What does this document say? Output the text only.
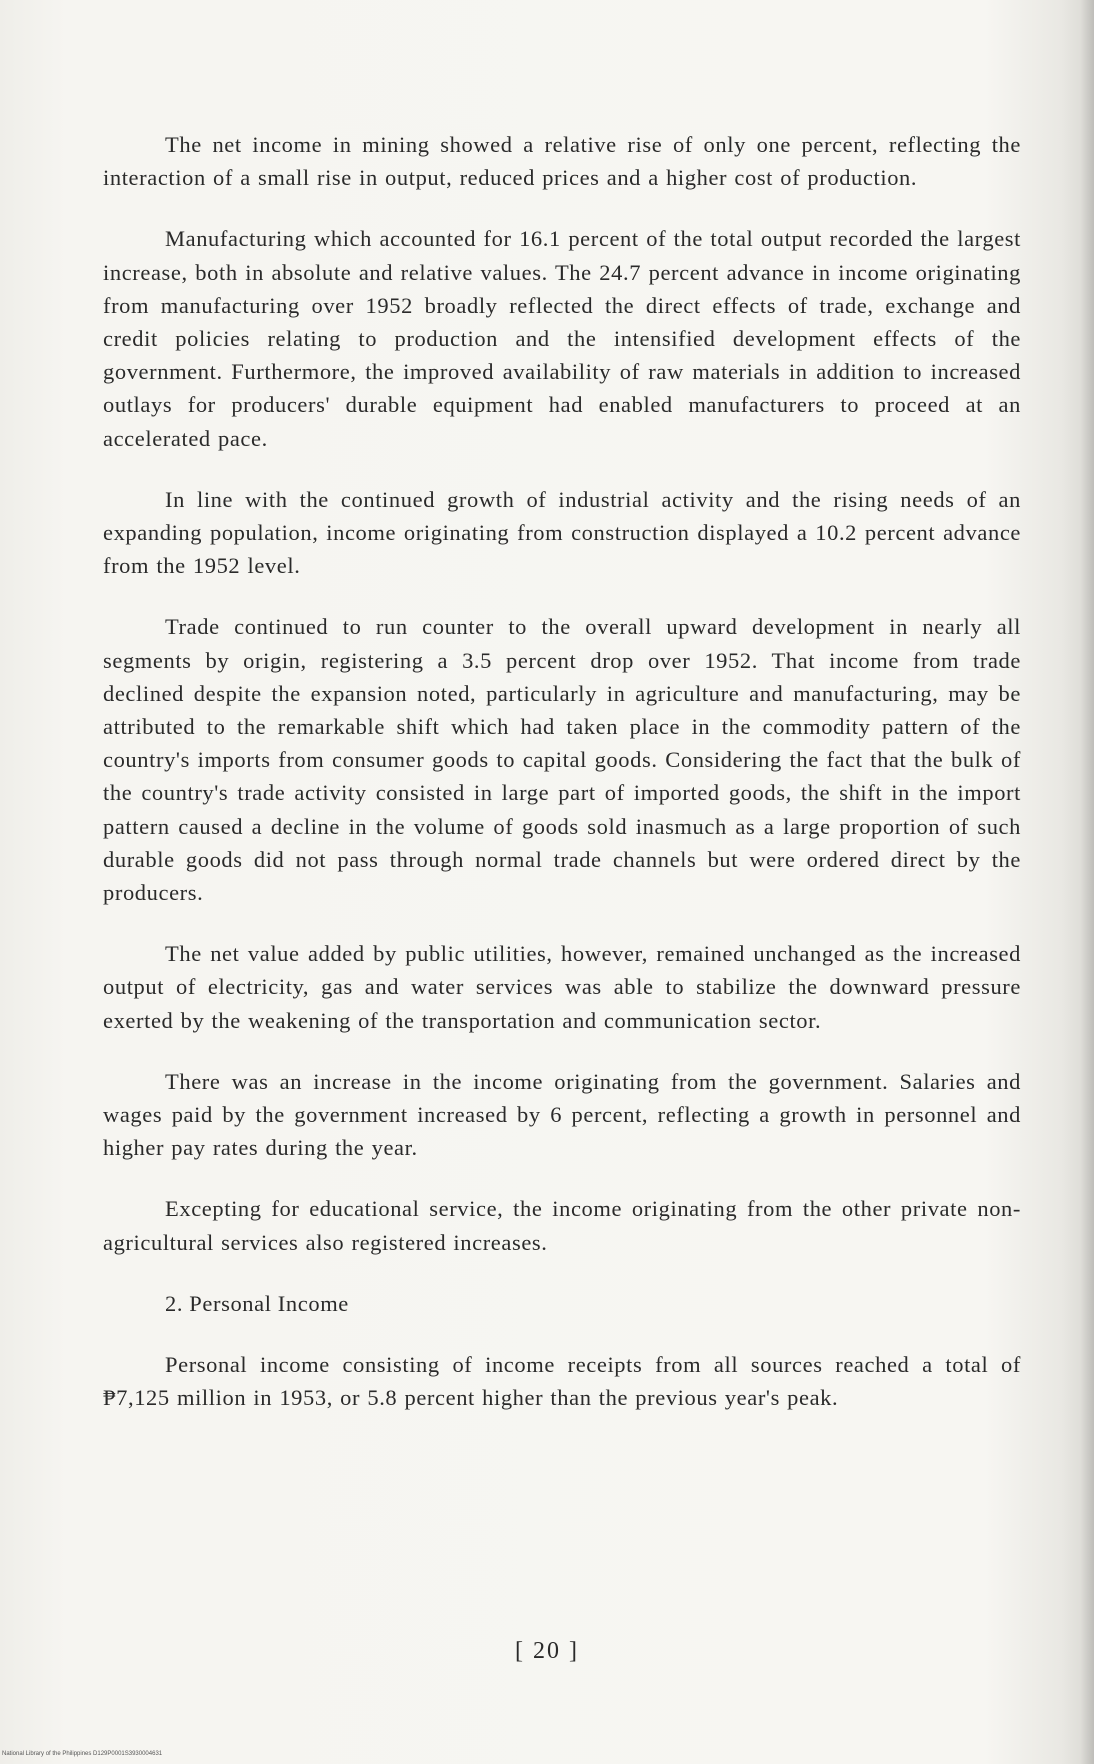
The net income in mining showed a relative rise of only one percent, reflecting the interaction of a small rise in output, reduced prices and a higher cost of production.

Manufacturing which accounted for 16.1 percent of the total output recorded the largest increase, both in absolute and relative values. The 24.7 percent advance in income originating from manufacturing over 1952 broadly reflected the direct effects of trade, exchange and credit policies relating to production and the intensified development effects of the government. Furthermore, the improved availability of raw materials in addition to increased outlays for producers' durable equipment had enabled manufacturers to proceed at an accelerated pace.

In line with the continued growth of industrial activity and the rising needs of an expanding population, income originating from construction displayed a 10.2 percent advance from the 1952 level.

Trade continued to run counter to the overall upward development in nearly all segments by origin, registering a 3.5 percent drop over 1952. That income from trade declined despite the expansion noted, particularly in agriculture and manufacturing, may be attributed to the remarkable shift which had taken place in the commodity pattern of the country's imports from consumer goods to capital goods. Considering the fact that the bulk of the country's trade activity consisted in large part of imported goods, the shift in the import pattern caused a decline in the volume of goods sold inasmuch as a large proportion of such durable goods did not pass through normal trade channels but were ordered direct by the producers.

The net value added by public utilities, however, remained unchanged as the increased output of electricity, gas and water services was able to stabilize the downward pressure exerted by the weakening of the transportation and communication sector.

There was an increase in the income originating from the government. Salaries and wages paid by the government increased by 6 percent, reflecting a growth in personnel and higher pay rates during the year.

Excepting for educational service, the income originating from the other private non-agricultural services also registered increases.

2. Personal Income

Personal income consisting of income receipts from all sources reached a total of ₱7,125 million in 1953, or 5.8 percent higher than the previous year's peak.

[ 20 ]
National Library of the Philippines D129P0001S3930004631
